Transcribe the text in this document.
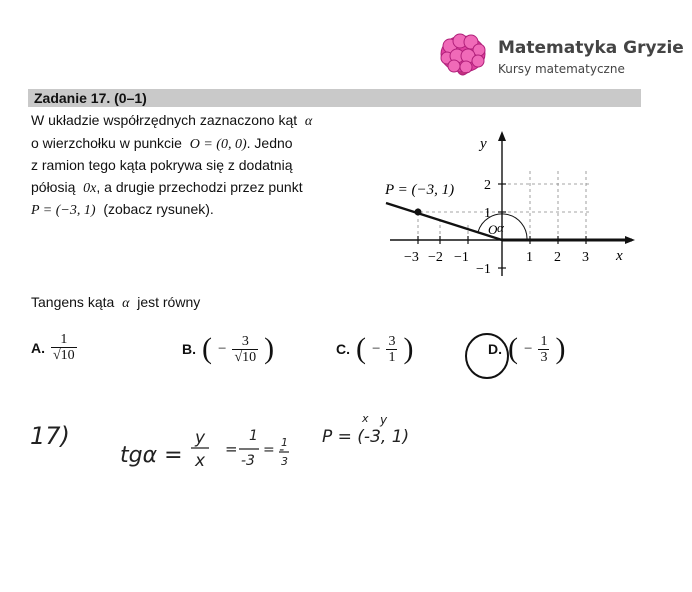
Matematyka Gryzie
Kursy matematyczne
Zadanie 17. (0–1)
W układzie współrzędnych zaznaczono kąt α
o wierzchołku w punkcie O = (0, 0). Jedno
z ramion tego kąta pokrywa się z dodatnią
półosią 0x, a drugie przechodzi przez punkt
P = (−3, 1) (zobacz rysunek).
P = (−3, 1)
y
x
O α
−3 −2 −1	1 2 3
2
1
−1
Tangens kąta α jest równy
A. $\frac{1}{√10}$	B. ( − $\frac{3}{√10}$ )	C. ( − $\frac{3}{1}$ )	D. ( − $\frac{1}{3}$ )
17)
tgα =
y
x
=
1
-3
= -
1
3
P = (-3, 1)
x y
